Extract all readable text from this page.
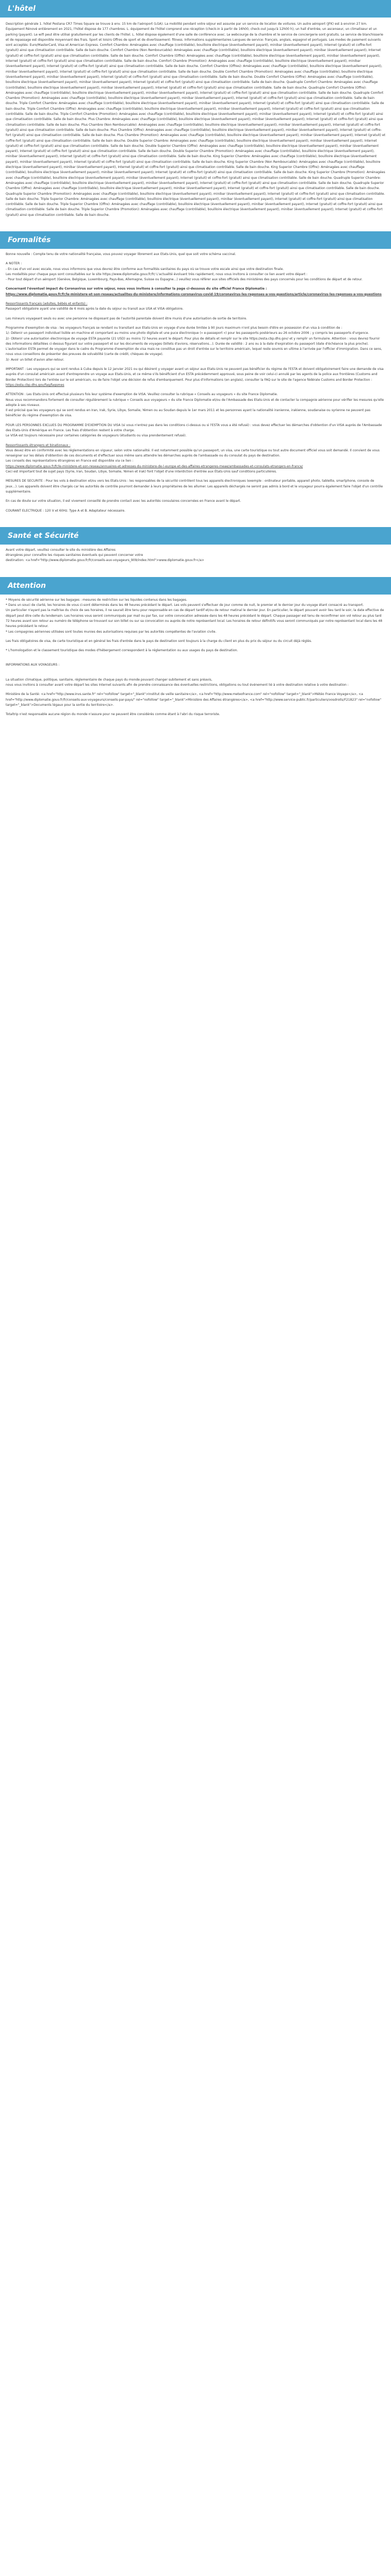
L'hôtel

Description générale 1. hôtel Pestana CR7 Times Square se trouve à env. 15 km de l'aéroport (LGA). La mobilité pendant votre séjour est assurée par un service de location de voitures. Un autre aéroport (JFK) est à environ 27 km. Équipement Rénové entièrement en 2021, l'hôtel dispose de 177 chambres. L. équipement de l'hôtel comprend une réception (check-in à partir de 16h00, check-out jusqu'à 12h00 h), un hall d'entrée, un ascenseur, un climatiseur et un parking (payant). Le wifi peut être utilisé gratuitement par les clients de l'hôtel. L. hôtel dispose également d'une salle de conférence avec. Le webcourge de la chambre et le service de conciergerie sont gratuits. Le service de blanchisserie et de repassage est disponible moyennant des frais. Sport et loisirs Offres de sport et de divertissement: fitness. Informations supplémentaires Langues de service: français, anglais, espagnol et portugais. Les modes de paiement suivants sont acceptés: Euro/MasterCard, Visa et American Express. Comfort Chambre: Aménagées avec chauffage (contrôlable), bouilloire électrique (éventuellement payant), minibar (éventuellement payant), Internet (gratuit) et coffre-fort (gratuit) ainsi que climatisation contrôlable. Salle de bain douche. Comfort Chambre (Non Rembourcable): Aménagées avec chauffage (contrôlable), bouilloire électrique (éventuellement payant), minibar (éventuellement payant), Internet (gratuit) et coffre-fort (gratuit) ainsi que climatisation contrôlable. Salle de bain douche. Comfort Chambre (Offre): Aménagées avec chauffage (contrôlable), bouilloire électrique (éventuellement payant), minibar (éventuellement payant), Internet (gratuit) et coffre-fort (gratuit) ainsi que climatisation contrôlable. Salle de bain douche. Comfort Chambre (Promotion): Aménagées avec chauffage (contrôlable), bouilloire électrique (éventuellement payant), minibar (éventuellement payant), Internet (gratuit) et coffre-fort (gratuit) ainsi que climatisation contrôlable. Salle de bain douche. Comfort Chambre (Offres): Aménagées avec chauffage (contrôlable), bouilloire électrique (éventuellement payant), minibar (éventuellement payant), Internet (gratuit) et coffre-fort (gratuit) ainsi que climatisation contrôlable. Salle de bain douche. Double Comfort Chambre (Promotion): Aménagées avec chauffage (contrôlable), bouilloire électrique (éventuellement payant), minibar (éventuellement payant), Internet (gratuit) et coffre-fort (gratuit) ainsi que climatisation contrôlable. Salle de bain douche. Double Comfort Chambre (Offre): Aménagées avec chauffage (contrôlable), bouilloire électrique (éventuellement payant), minibar (éventuellement payant), Internet (gratuit) et coffre-fort (gratuit) ainsi que climatisation contrôlable. Salle de bain douche. Quadruple Comfort Chambre: Aménagées avec chauffage (contrôlable), bouilloire électrique (éventuellement payant), minibar (éventuellement payant), Internet (gratuit) et coffre-fort (gratuit) ainsi que climatisation contrôlable. Salle de bain douche. Quadruple Comfort Chambre (Offre): Aménagées avec chauffage (contrôlable), bouilloire électrique (éventuellement payant), minibar (éventuellement payant), Internet (gratuit) et coffre-fort (gratuit) ainsi que climatisation contrôlable. Salle de bain douche. Quadruple Comfort Chambre (Promotion): Aménagées avec chauffage (contrôlable), bouilloire électrique (éventuellement payant), minibar (éventuellement payant), Internet (gratuit) et coffre-fort (gratuit) ainsi que climatisation contrôlable. Salle de bain douche. Triple Comfort Chambre: Aménagées avec chauffage (contrôlable), bouilloire électrique (éventuellement payant), minibar (éventuellement payant), Internet (gratuit) et coffre-fort (gratuit) ainsi que climatisation contrôlable. Salle de bain douche. Triple Comfort Chambre (Offre): Aménagées avec chauffage (contrôlable), bouilloire électrique (éventuellement payant), minibar (éventuellement payant), Internet (gratuit) et coffre-fort (gratuit) ainsi que climatisation contrôlable. Salle de bain douche. Triple Comfort Chambre (Promotion): Aménagées avec chauffage (contrôlable), bouilloire électrique (éventuellement payant), minibar (éventuellement payant), Internet (gratuit) et coffre-fort (gratuit) ainsi que climatisation contrôlable. Salle de bain douche. Plus Chambre: Aménagées avec chauffage (contrôlable), bouilloire électrique (éventuellement payant), minibar (éventuellement payant), Internet (gratuit) et coffre-fort (gratuit) ainsi que climatisation contrôlable. Salle de bain douche. Plus Chambre (Non Rembourcable): Aménagées avec chauffage (contrôlable), bouilloire électrique (éventuellement payant), minibar (éventuellement payant), Internet (gratuit) et coffre-fort (gratuit) ainsi que climatisation contrôlable. Salle de bain douche. Plus Chambre (Offre): Aménagées avec chauffage (contrôlable), bouilloire électrique (éventuellement payant), minibar (éventuellement payant), Internet (gratuit) et coffre-fort (gratuit) ainsi que climatisation contrôlable. Salle de bain douche. Plus Chambre (Promotion): Aménagées avec chauffage (contrôlable), bouilloire électrique (éventuellement payant), minibar (éventuellement payant), Internet (gratuit) et coffre-fort (gratuit) ainsi que climatisation contrôlable. Salle de bain douche. Double Superior Chambre: Aménagées avec chauffage (contrôlable), bouilloire électrique (éventuellement payant), minibar (éventuellement payant), Internet (gratuit) et coffre-fort (gratuit) ainsi que climatisation contrôlable. Salle de bain douche. Double Superior Chambre (Offre): Aménagées avec chauffage (contrôlable), bouilloire électrique (éventuellement payant), minibar (éventuellement payant), Internet (gratuit) et coffre-fort (gratuit) ainsi que climatisation contrôlable. Salle de bain douche. Double Superior Chambre (Promotion): Aménagées avec chauffage (contrôlable), bouilloire électrique (éventuellement payant), minibar (éventuellement payant), Internet (gratuit) et coffre-fort (gratuit) ainsi que climatisation contrôlable. Salle de bain douche. King Superior Chambre: Aménagées avec chauffage (contrôlable), bouilloire électrique (éventuellement payant), minibar (éventuellement payant), Internet (gratuit) et coffre-fort (gratuit) ainsi que climatisation contrôlable. Salle de bain douche. King Superior Chambre (Non Rembourcable): Aménagées avec chauffage (contrôlable), bouilloire électrique (éventuellement payant), minibar (éventuellement payant), Internet (gratuit) et coffre-fort (gratuit) ainsi que climatisation contrôlable. Salle de bain douche. King Superior Chambre (Offre): Aménagées avec chauffage (contrôlable), bouilloire électrique (éventuellement payant), minibar (éventuellement payant), Internet (gratuit) et coffre-fort (gratuit) ainsi que climatisation contrôlable. Salle de bain douche. King Superior Chambre (Promotion): Aménagées avec chauffage (contrôlable), bouilloire électrique (éventuellement payant), minibar (éventuellement payant), Internet (gratuit) et coffre-fort (gratuit) ainsi que climatisation contrôlable. Salle de bain douche. Quadruple Superior Chambre: Aménagées avec chauffage (contrôlable), bouilloire électrique (éventuellement payant), minibar (éventuellement payant), Internet (gratuit) et coffre-fort (gratuit) ainsi que climatisation contrôlable. Salle de bain douche. Quadruple Superior Chambre (Offre): Aménagées avec chauffage (contrôlable), bouilloire électrique (éventuellement payant), minibar (éventuellement payant), Internet (gratuit) et coffre-fort (gratuit) ainsi que climatisation contrôlable. Salle de bain douche. Quadruple Superior Chambre (Promotion): Aménagées avec chauffage (contrôlable), bouilloire électrique (éventuellement payant), minibar (éventuellement payant), Internet (gratuit) et coffre-fort (gratuit) ainsi que climatisation contrôlable. Salle de bain douche. Triple Superior Chambre: Aménagées avec chauffage (contrôlable), bouilloire électrique (éventuellement payant), minibar (éventuellement payant), Internet (gratuit) et coffre-fort (gratuit) ainsi que climatisation contrôlable. Salle de bain douche. Triple Superior Chambre (Offre): Aménagées avec chauffage (contrôlable), bouilloire électrique (éventuellement payant), minibar (éventuellement payant), Internet (gratuit) et coffre-fort (gratuit) ainsi que climatisation contrôlable. Salle de bain douche. Triple Superior Chambre (Promotion): Aménagées avec chauffage (contrôlable), bouilloire électrique (éventuellement payant), minibar (éventuellement payant), Internet (gratuit) et coffre-fort (gratuit) ainsi que climatisation contrôlable. Salle de bain douche.

Formalités

Bonne nouvelle : Compte tenu de votre nationalité française, vous pouvez voyager librement aux Etats-Unis, quel que soit votre schéma vaccinal.

A NOTER :

- En cas d'un vol avec escale, nous vous informons que vous devrez être conforme aux formalités sanitaires du pays où se trouve votre escale ainsi que votre destination finale.

Les modalités pour chaque pays sont consultables sur le site https://www.diplomatie.gouv.fr/fr/ L'actualité évoluant très rapidement, nous vous invitons à consulter ce lien avant votre départ :

- Pour tout départ d'un aéroport (Genève, Belgique, Luxembourg, Pays-Bas, Allemagne, Suisse ou Espagne...) veuillez vous référer aux sites officiels des ministères des pays concernés pour les conditions de départ et de retour.

Concernant l'éventuel impact du Coronavirus sur votre séjour, nous vous invitons à consulter la page ci-dessous du site officiel France Diplomatie :

https://www.diplomatie.gouv.fr/fr/le-ministere-et-son-reseau/actualites-du-ministere/informations-coronavirus-covid-19/coronavirus-les-reponses-a-vos-questions/article/coronavirus-les-reponses-a-vos-questions

Ressortissants français (adultes, bébés et enfants) :

Passeport obligatoire ayant une validité de 6 mois après la date du séjour ou transit aux USA et VISA obligatoire.

Les mineurs voyageant seuls ou avec une personne ne disposant pas de l'autorité parentale doivent être munis d'une autorisation de sortie de territoire.

Programme d'exemption de visa : les voyageurs français se rendant ou transitant aux Etats-Unis en voyage d'une durée limitée à 90 jours maximum n'ont plus besoin d'être en possession d'un visa à condition de :

1/- Détenir un passeport individuel lisible en machine et comportant au moins une photo digitale et une puce électronique (« e-passeport ») pour les passeports postérieurs au 26 octobre 2006 ; y compris les passeports d'urgence.

2/- Obtenir une autorisation électronique de voyage ESTA payante (21 USD) au moins 72 heures avant le départ. Pour plus de détails et remplir sur le site https://esta.cbp.dhs.gov/ et y remplir un formulaire. Attention : vous devrez fournir des informations détaillées ci-dessus figurant sur votre passeport et sur les documents de voyages (billets d'avions, réservations...). Durée de validité : 2 ans ou à la date d'expiration du passeport (date d'échéance la plus proche).

L'autorisation ESTA permet de voyager dans le cadre du Programme d'exemption de visa mais ne constitue pas un droit d'entrée sur le territoire américain, lequel reste soumis en ultime à l'arrivée par l'officier d'immigration. Dans ce sens, nous vous conseillons de présenter des preuves de solvabilité (carte de crédit, chèques de voyage).

3/- Avoir un billet d'avion aller-retour.

IMPORTANT : Les voyageurs qui se sont rendus à Cuba depuis le 12 janvier 2021 ou qui désirent y voyager avant un séjour aux Etats-Unis ne peuvent pas bénéficier du régime de l'ESTA et doivent obligatoirement faire une demande de visa auprès d'un consulat américain avant d'entreprendre un voyage aux Etats-Unis, et ce même s'ils bénéficient d'un ESTA précédemment approuvé, sous peine de voir celui-ci annulé par les agents de la police aux frontières (Customs and Border Protection) lors de l'entrée sur le sol américain, ou de faire l'objet une décision de refus d'embarquement. Pour plus d'informations (en anglais), consulter la FAQ sur le site de l'agence fédérale Customs and Border Protection :

https://esta.cbp.dhs.gov/faq/faqsmes

ATTENTION : Les Etats-Unis ont effectué plusieurs fois leur système d'exemption de VISA. Veuillez consulter la rubrique « Conseils au voyageurs » du site France Diplomatie.

Nous vous recommandons fortement de consulter régulièrement la rubrique « Conseils aux voyageurs » du site France Diplomatie et/ou de l'Ambassade des Etats-Unis et de contacter la compagnie aérienne pour vérifier les mesures qu'elle adopte à ses niveaux.

Il est précisé que les voyageurs qui se sont rendus en Iran, Irak, Syrie, Libye, Somalie, Yémen ou au Soudan depuis le 1er mars 2011 et les personnes ayant la nationalité iranienne, irakienne, soudanaise ou syrienne ne peuvent pas bénéficier du régime d'exemption de visa.

POUR LES PERSONNES EXCLUES DU PROGRAMME D'EXEMPTION DU VISA (si vous n'entrez pas dans les conditions ci-dessus ou si l'ESTA vous a été refusé) : vous devez effectuer les démarches d'obtention d'un VISA auprès de l'Ambassade des Etats-Unis d'Amérique en France. Les frais d'obtention restent à votre charge.

Le VISA est toujours nécessaire pour certaines catégories de voyageurs (étudiants ou visa prendentement refusé).

Ressortissants étrangers et binationaux :

Vous devez être en conformité avec les réglementations en vigueur, selon votre nationalité. Il est notamment possible qu'un passeport, un visa, une carte touristique ou tout autre document officiel vous soit demandé. Il convient de vous renseigner sur les délais d'obtention de ces documents et d'effectuer sous même sans attendre les démarches auprès de l'ambassade ou du consulat du pays de destination.

Les conseils des représentations étrangères en France est disponible via ce lien :

https://www.diplomatie.gouv.fr/fr/le-ministere-et-son-reseau/annuaires-et-adresses-du-ministere-de-l-europe-et-des-affaires-etrangeres-meae/ambassades-et-consulats-etrangers-en-france/

Ceci est important tout de sujet pays (Syrie, Iran, Soudan, Libye, Somalie, Yémen et Irak) font l'objet d'une interdiction d'entrée aux États-Unis sauf conditions particulières.

MESURES DE SECURITE : Pour les vols à destination et/ou vers les Etats-Unis : les responsables de la sécurité contrôlent tous les appareils électroniques (exemple : ordinateur portable, appareil photo, tablette, smartphone, console de jeux...). Les appareils doivent être chargés car les autorités de contrôle pourront demander à leurs propriétaires de les allumer. Les appareils déchargés ne seront pas admis à bord et le voyageur pourra également faire l'objet d'un contrôle supplémentaire.

En cas de doute sur votre situation, il est vivement conseillé de prendre contact avec les autorités consulaires concernées en France avant le départ.

COURANT ELECTRIQUE : 120 V et 60Hz. Type A et B. Adaptateur nécessaire.

Santé et Sécurité

Avant votre départ, veuillez consulter le site du ministère des Affaires

étrangères pour connaître les risques sanitaires éventuels qui peuvent concerner votre

destination: <a href="http://www.diplomatie.gouv.fr/fr/conseils-aux-voyageurs_909/index.html">www.diplomatie.gouv.fr</a>

Attention

* Moyens de sécurité aérienne sur les bagages : mesures de restriction sur les liquides contenus dans les bagages.

* Dans un souci de clarté, les horaires de vous ci-sont déterminés dans les 48 heures précédant le départ. Les vols peuvent s'effectuer de jour comme de nuit, le premier et le dernier jour du voyage étant consacré au transport.

Un particulier n'ayant pas la maîtrise du choix de ses horaires, il ne saurait être tenu pour responsable en cas de départ tardif et/ou de retour matinal le dernier jour. En particulier, le départ pouvant avoir lieu tard le soir, la date effective de départ peut être celle du lendemain. Les horaires vous seront communiqués par mail ou par fax, sur votre convocation adressée dans les 48 heures précédant le départ. Chaque passager est tenu de reconfirmer son vol retour au plus tard 72 heures avant son retour au numéro de téléphone se trouvant sur son billet ou sur sa convocation ou auprès de notre représentant local. Les horaires de retour définitifs vous seront communiqués par notre représentant local dans les 48 heures précédant le retour.

* Les compagnies aériennes utilisées sont toutes munies des autorisations requises par les autorités compétentes de l'aviation civile.

Les frais obligatoires de visa, de carte touristique et en général les frais d'entrée dans le pays de destination sont toujours à la charge du client en plus du prix du séjour ou du circuit déjà réglés.

* L'homologation et le classement touristique des modes d'hébergement correspondent à la réglementation ou aux usages du pays de destination.

INFORMATIONS AUX VOYAGEURS :

La situation climatique, politique, sanitaire, réglementaire de chaque pays du monde pouvant changer subitement et sans préavis,

nous vous invitons à consulter avant votre départ les sites Internet suivants afin de prendre connaissance des éventuelles restrictions, obligations ou tout événement lié à votre destination relative à votre destination :

Ministère de la Santé: <a href="http://www.invs.sante.fr" rel="nofollow" target="_blank">Institut de veille sanitaire</a>, <a href="http://www.meteofrance.com" rel="nofollow" target="_blank">Météo France Voyage</a>, <a href="http://www.diplomatie.gouv.fr/fr/conseils-aux-voyageurs/conseils-par-pays/" rel="nofollow" target="_blank">Ministère des Affaires étrangères</a>, <a href="http://www.service-public.fr/particuliers/vosdroits/F21823" rel="nofollow" target="_blank">Documents légaux pour la sortie du territoire</a>.

Totaltrip n'est responsable aucune région du monde n'assure pour ne peuvent être considérés comme étant à l'abri du risque terroriste.
